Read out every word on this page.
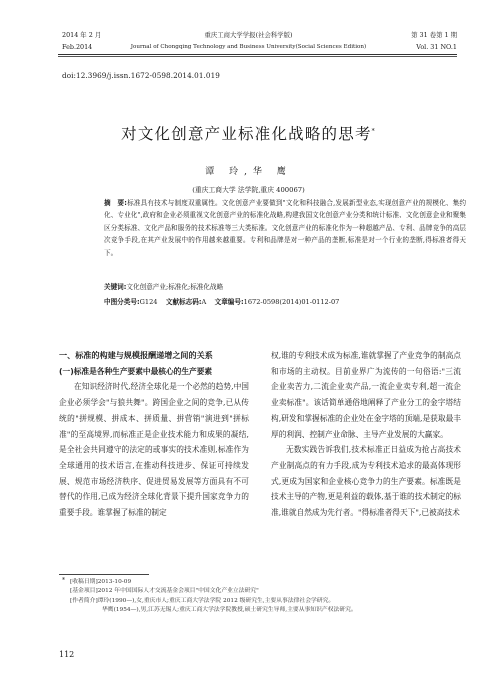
2014 年 2 月
Feb.2014
重庆工商大学学报(社会科学版)
Journal of Chongqing Technology and Business University(Social Sciences Edition)
第 31 卷第 1 期
Vol. 31 NO.1
doi:12.3969/j.issn.1672-0598.2014.01.019
对文化创意产业标准化战略的思考*
谭 玲,华 鹰
(重庆工商大学 法学院,重庆 400067)
摘　要:标准具有技术与制度双重属性。文化创意产业要做到"文化和科技融合,发展新型业态,实现创意产业的规模化、集约化、专业化",政府和企业必须重视文化创意产业的标准化战略,构建我国文化创意产业分类和统计标准、文化创意企业和聚集区分类标准、文化产品和服务的技术标准等三大类标准。文化创意产业的标准化作为一种超越产品、专利、品牌竞争的高层次竞争手段,在其产业发展中的作用越来越重要。专利和品牌是对一种产品的垄断,标准是对一个行业的垄断,得标准者得天下。
关键词:文化创意产业;标准化;标准化战略
中图分类号:G124 文献标志码:A 文章编号:1672-0598(2014)01-0112-07

一、标准的构建与规模报酬递增之间的关系

(一)标准是各种生产要素中最核心的生产要素

在知识经济时代,经济全球化是一个必然的趋势,中国企业必须学会"与狼共舞"。跨国企业之间的竞争,已从传统的"拼规模、拼成本、拼质量、拼营销"演进到"拼标准"的至高境界,而标准正是企业技术能力和成果的凝结,是全社会共同遵守的法定的或事实的技术准则,标准作为全球通用的技术语言,在推动科技进步、保证可持续发展、规范市场经济秩序、促进贸易发展等方面具有不可替代的作用,已成为经济全球化背景下提升国家竞争力的重要手段。谁掌握了标准的制定

权,谁的专利技术成为标准,谁就掌握了产业竞争的制高点和市场的主动权。目前业界广为流传的一句俗语:"三流企业卖苦力,二流企业卖产品,一流企业卖专利,超一流企业卖标准"。该话简单通俗地阐释了产业分工的金字塔结构,研发和掌握标准的企业处在金字塔的顶端,是获取最丰厚的利润、控制产业命脉、主导产业发展的大赢家。

无数实践告诉我们,技术标准正日益成为抢占高技术产业制高点的有力手段,成为专利技术追求的最高体现形式,更成为国家和企业核心竞争力的生产要素。标准既是技术主导的产物,更是利益的载体,基于谁的技术制定的标准,谁就自然成为先行者。"得标准者得天下",已被高技术

* [收稿日期]2013-10-09

[基金项目]2012 年中国国际人才交流基金会项目"中国文化产业立法研究"

[作者简介]谭玲(1990—),女,重庆市人;重庆工商大学法学院 2012 级研究生,主要从事法律社会学研究。

华鹰(1954—),男,江苏无锡人;重庆工商大学法学院教授,硕士研究生导师,主要从事知识产权法研究。

112
